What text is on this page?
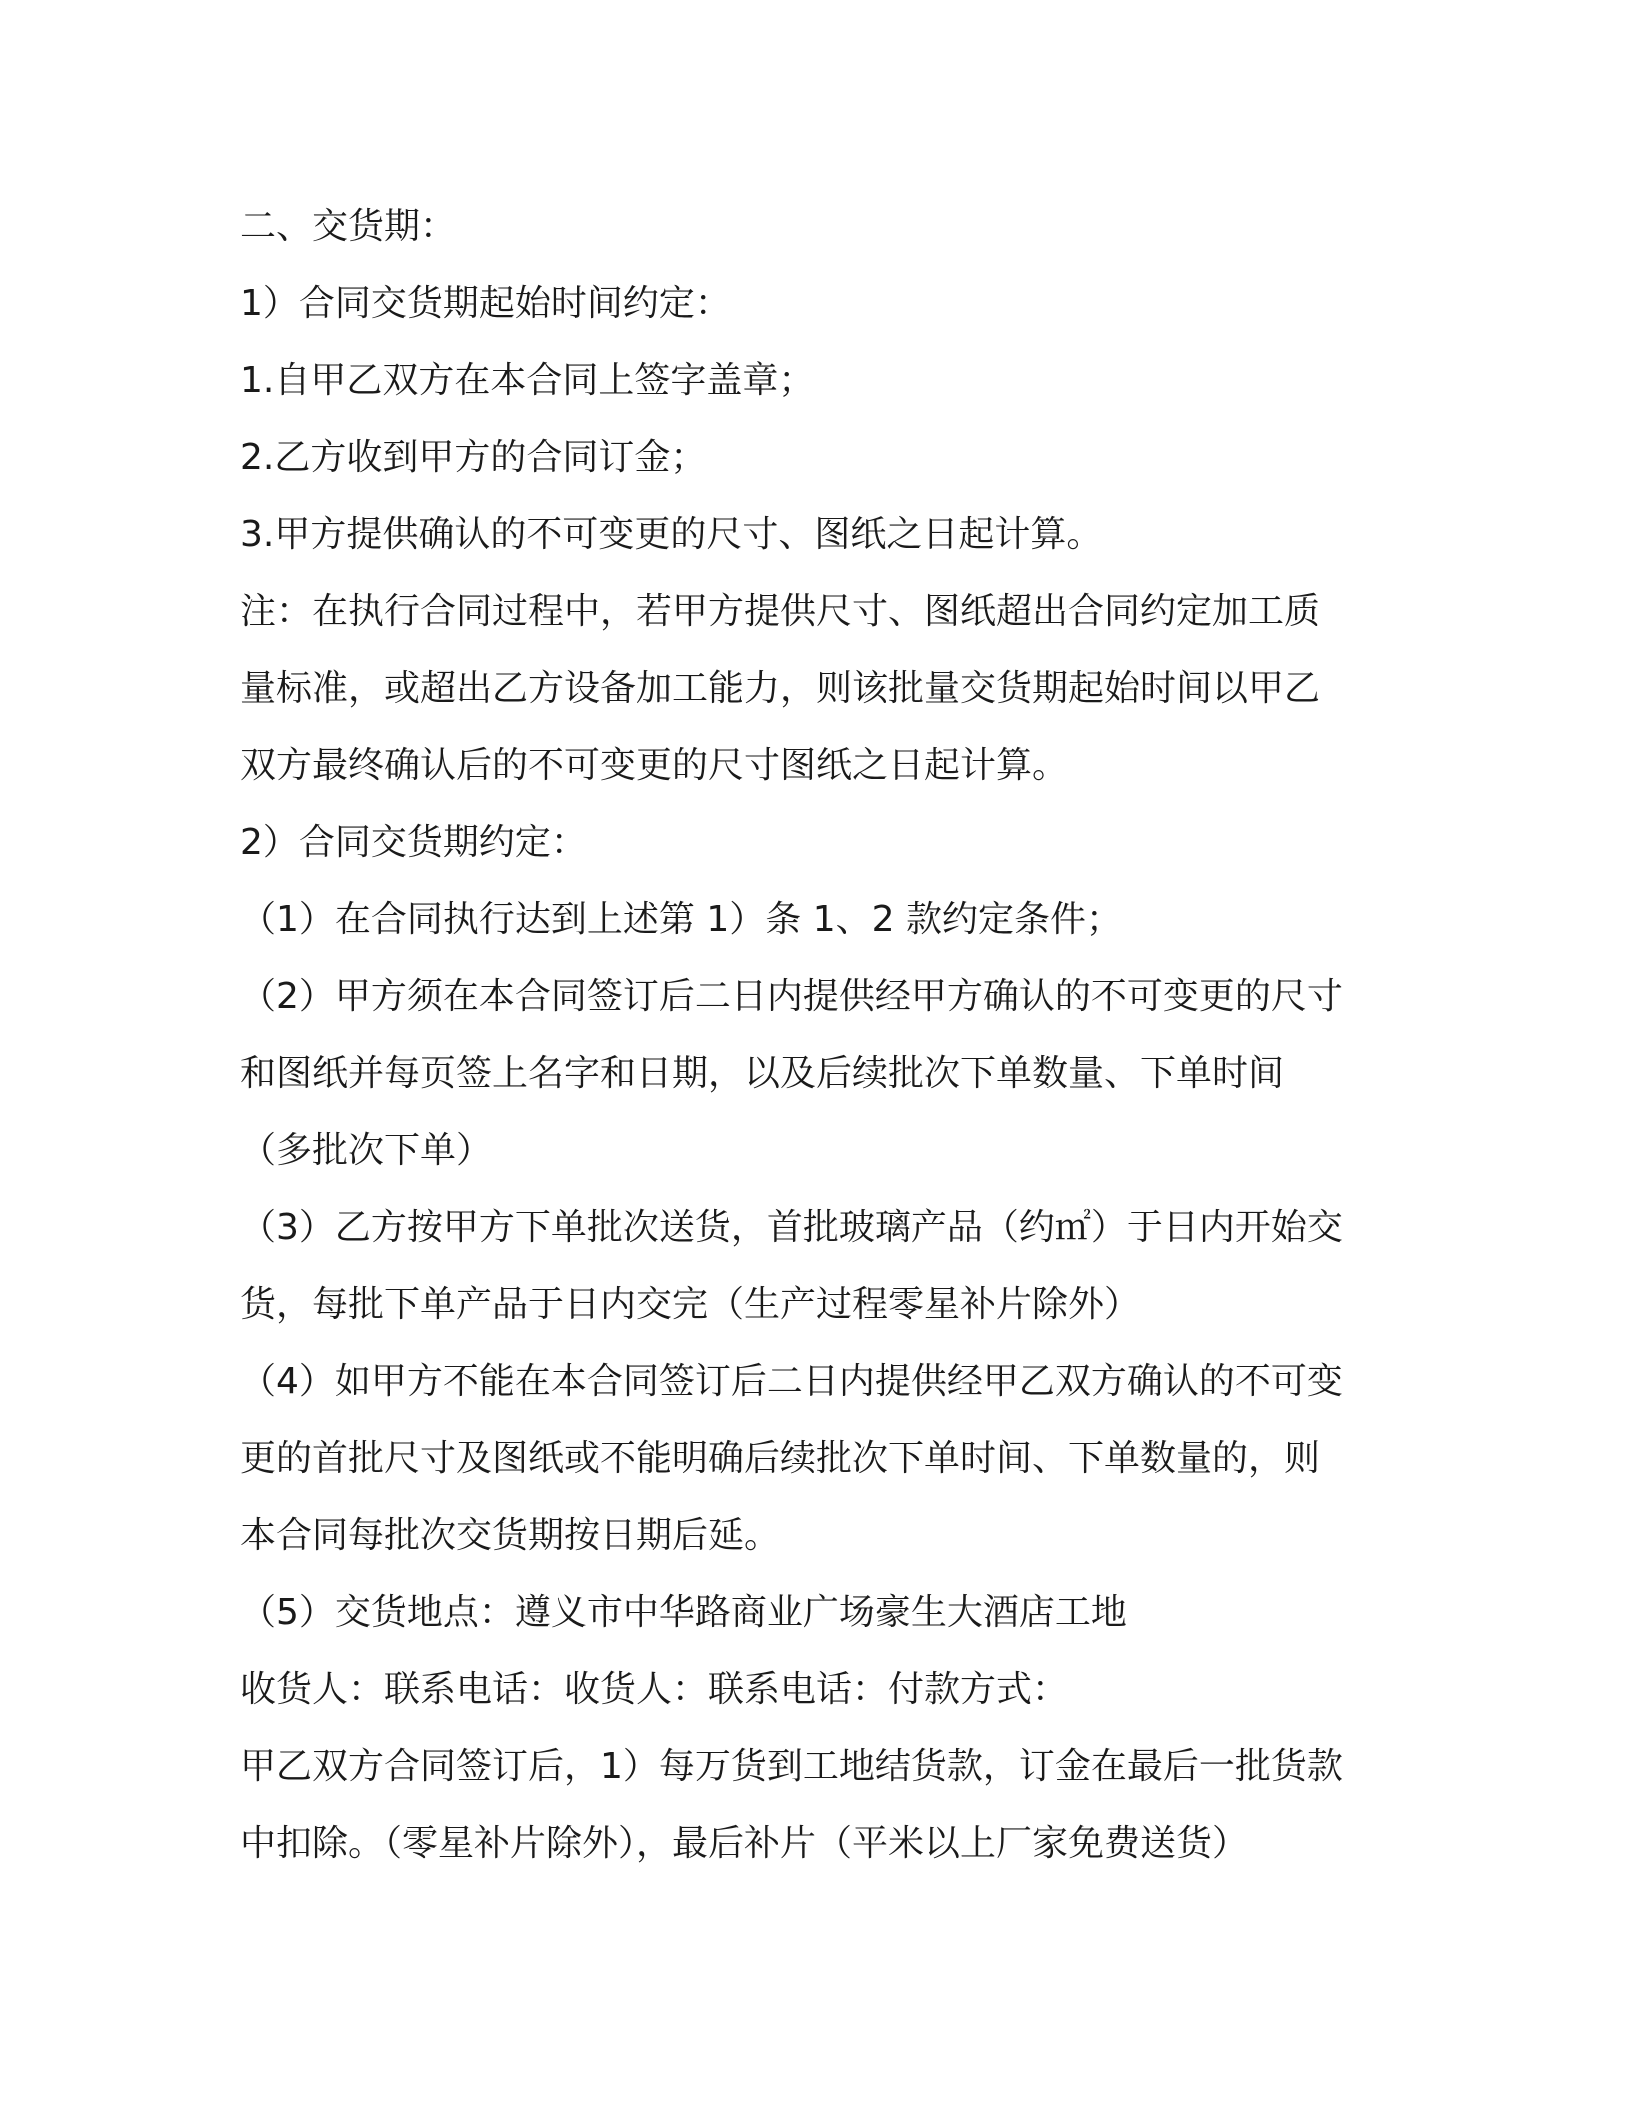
二、交货期：
1）合同交货期起始时间约定：
1.自甲乙双方在本合同上签字盖章；
2.乙方收到甲方的合同订金；
3.甲方提供确认的不可变更的尺寸、图纸之日起计算。
注：在执行合同过程中，若甲方提供尺寸、图纸超出合同约定加工质
量标准，或超出乙方设备加工能力，则该批量交货期起始时间以甲乙
双方最终确认后的不可变更的尺寸图纸之日起计算。
2）合同交货期约定：
（1）在合同执行达到上述第 1）条 1、2 款约定条件；
（2）甲方须在本合同签订后二日内提供经甲方确认的不可变更的尺寸
和图纸并每页签上名字和日期，以及后续批次下单数量、下单时间
（多批次下单）
（3）乙方按甲方下单批次送货，首批玻璃产品（约㎡）于日内开始交
货，每批下单产品于日内交完（生产过程零星补片除外）
（4）如甲方不能在本合同签订后二日内提供经甲乙双方确认的不可变
更的首批尺寸及图纸或不能明确后续批次下单时间、下单数量的，则
本合同每批次交货期按日期后延。
（5）交货地点：遵义市中华路商业广场豪生大酒店工地
收货人：联系电话：收货人：联系电话：付款方式：
甲乙双方合同签订后，1）每万货到工地结货款，订金在最后一批货款
中扣除。（零星补片除外），最后补片（平米以上厂家免费送货）
